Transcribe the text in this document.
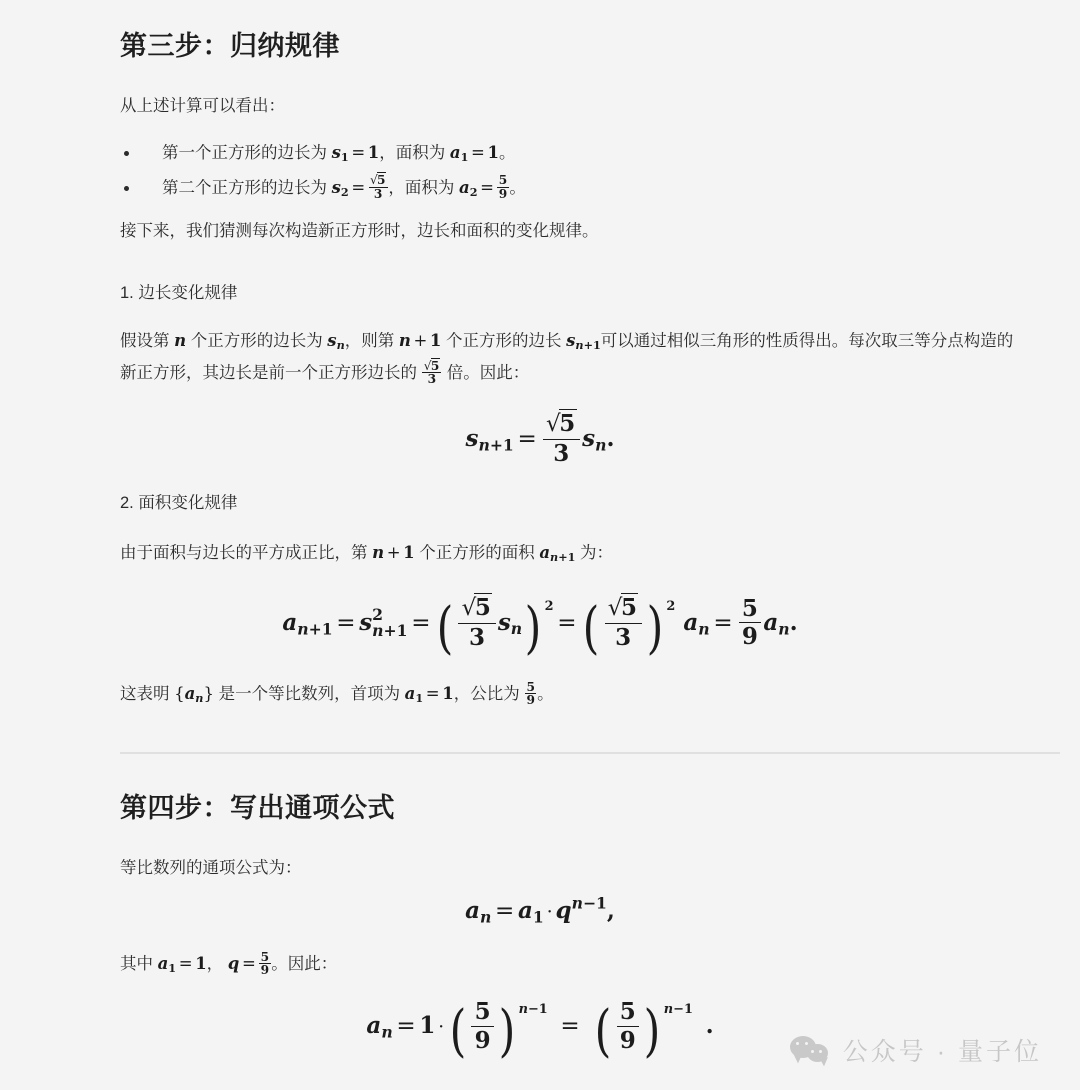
第三步：归纳规律

从上述计算可以看出：

第一个正方形的边长为 $s_1 = 1$，面积为 $a_1 = 1$。
第二个正方形的边长为 $s_2 = \frac{√5}{3}$ ，面积为 $a_2 = \frac{5}{9}$ 。

接下来，我们猜测每次构造新正方形时，边长和面积的变化规律。

1. 边长变化规律

假设第 n 个正方形的边长为 $s_n$，则第 n + 1 个正方形的边长 $s_{n+1}$可以通过相似三角形的性质得出。每次取三等分点构造的新正方形，其边长是前一个正方形边长的 $\frac{√5}{3}$ 倍。因此：

$s_{n+1} = \frac{√5}{3} s_n$.
2. 面积变化规律

由于面积与边长的平方成正比，第 n + 1 个正方形的面积 $a_{n+1}$ 为：

$a_{n+1} = s$ 2
n+1 = ( $\frac{√5}{3} s_n$) 2= ( $\frac{√5}{3}$ ) 2 $a_n = \frac{5}{9} a_n$.

这表明 $\{a_n\}$ 是一个等比数列，首项为 $a_1 = 1$，公比为 $\frac{5}{9}$ 。

第四步：写出通项公式

等比数列的通项公式为：

$a_n = a_1 \cdot q^{n-1}$,

其中 $a_1 = 1$， $q = \frac{5}{9}$ 。因此：

$a_n = 1$ ·( $\frac{5}{9}$ ) n−1= ( $\frac{5}{9}$ ) n−1.
公众号 · 量子位
